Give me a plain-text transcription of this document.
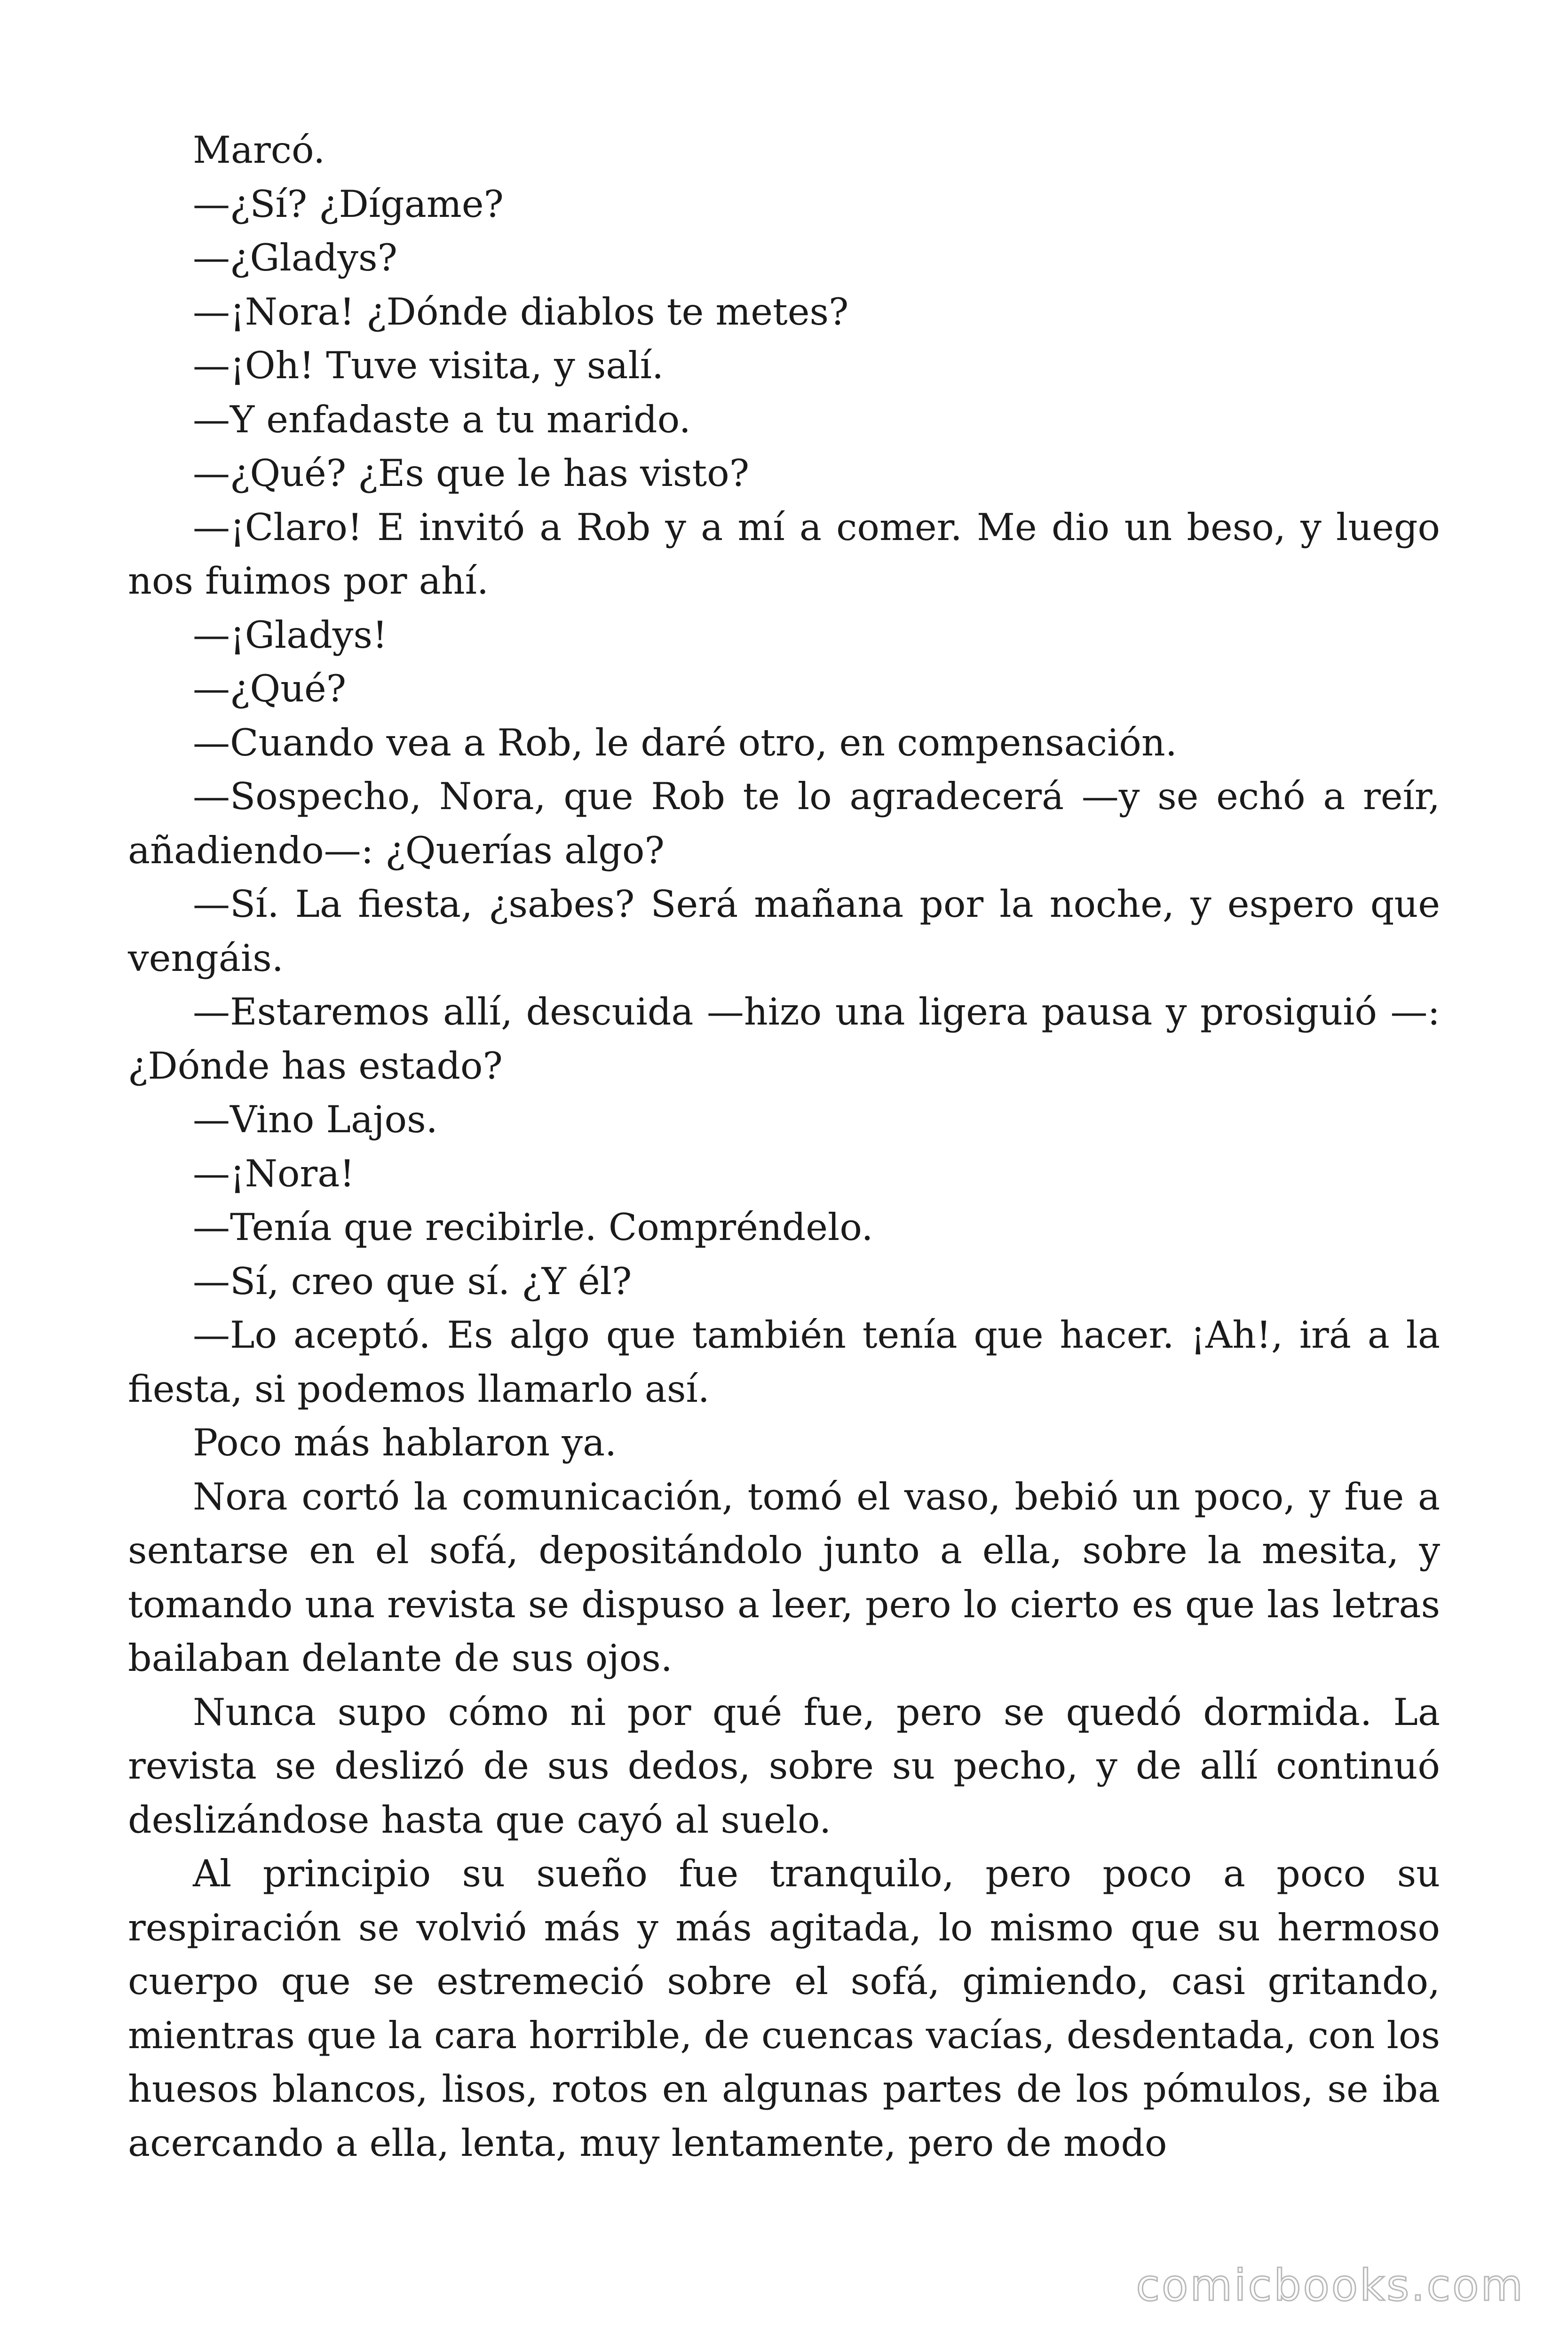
Marcó.

—¿Sí? ¿Dígame?

—¿Gladys?

—¡Nora! ¿Dónde diablos te metes?

—¡Oh! Tuve visita, y salí.

—Y enfadaste a tu marido.

—¿Qué? ¿Es que le has visto?

—¡Claro! E invitó a Rob y a mí a comer. Me dio un beso, y luego nos fuimos por ahí.

—¡Gladys!

—¿Qué?

—Cuando vea a Rob, le daré otro, en compensación.

—Sospecho, Nora, que Rob te lo agradecerá —y se echó a reír, añadiendo—: ¿Querías algo?

—Sí. La fiesta, ¿sabes? Será mañana por la noche, y espero que vengáis.

—Estaremos allí, descuida —hizo una ligera pausa y prosiguió —: ¿Dónde has estado?

—Vino Lajos.

—¡Nora!

—Tenía que recibirle. Compréndelo.

—Sí, creo que sí. ¿Y él?

—Lo aceptó. Es algo que también tenía que hacer. ¡Ah!, irá a la fiesta, si podemos llamarlo así.

Poco más hablaron ya.

Nora cortó la comunicación, tomó el vaso, bebió un poco, y fue a sentarse en el sofá, depositándolo junto a ella, sobre la mesita, y tomando una revista se dispuso a leer, pero lo cierto es que las letras bailaban delante de sus ojos.

Nunca supo cómo ni por qué fue, pero se quedó dormida. La revista se deslizó de sus dedos, sobre su pecho, y de allí continuó deslizándose hasta que cayó al suelo.

Al principio su sueño fue tranquilo, pero poco a poco su respiración se volvió más y más agitada, lo mismo que su hermoso cuerpo que se estremeció sobre el sofá, gimiendo, casi gritando, mientras que la cara horrible, de cuencas vacías, desdentada, con los huesos blancos, lisos, rotos en algunas partes de los pómulos, se iba acercando a ella, lenta, muy lentamente, pero de modo

comicbooks.com
